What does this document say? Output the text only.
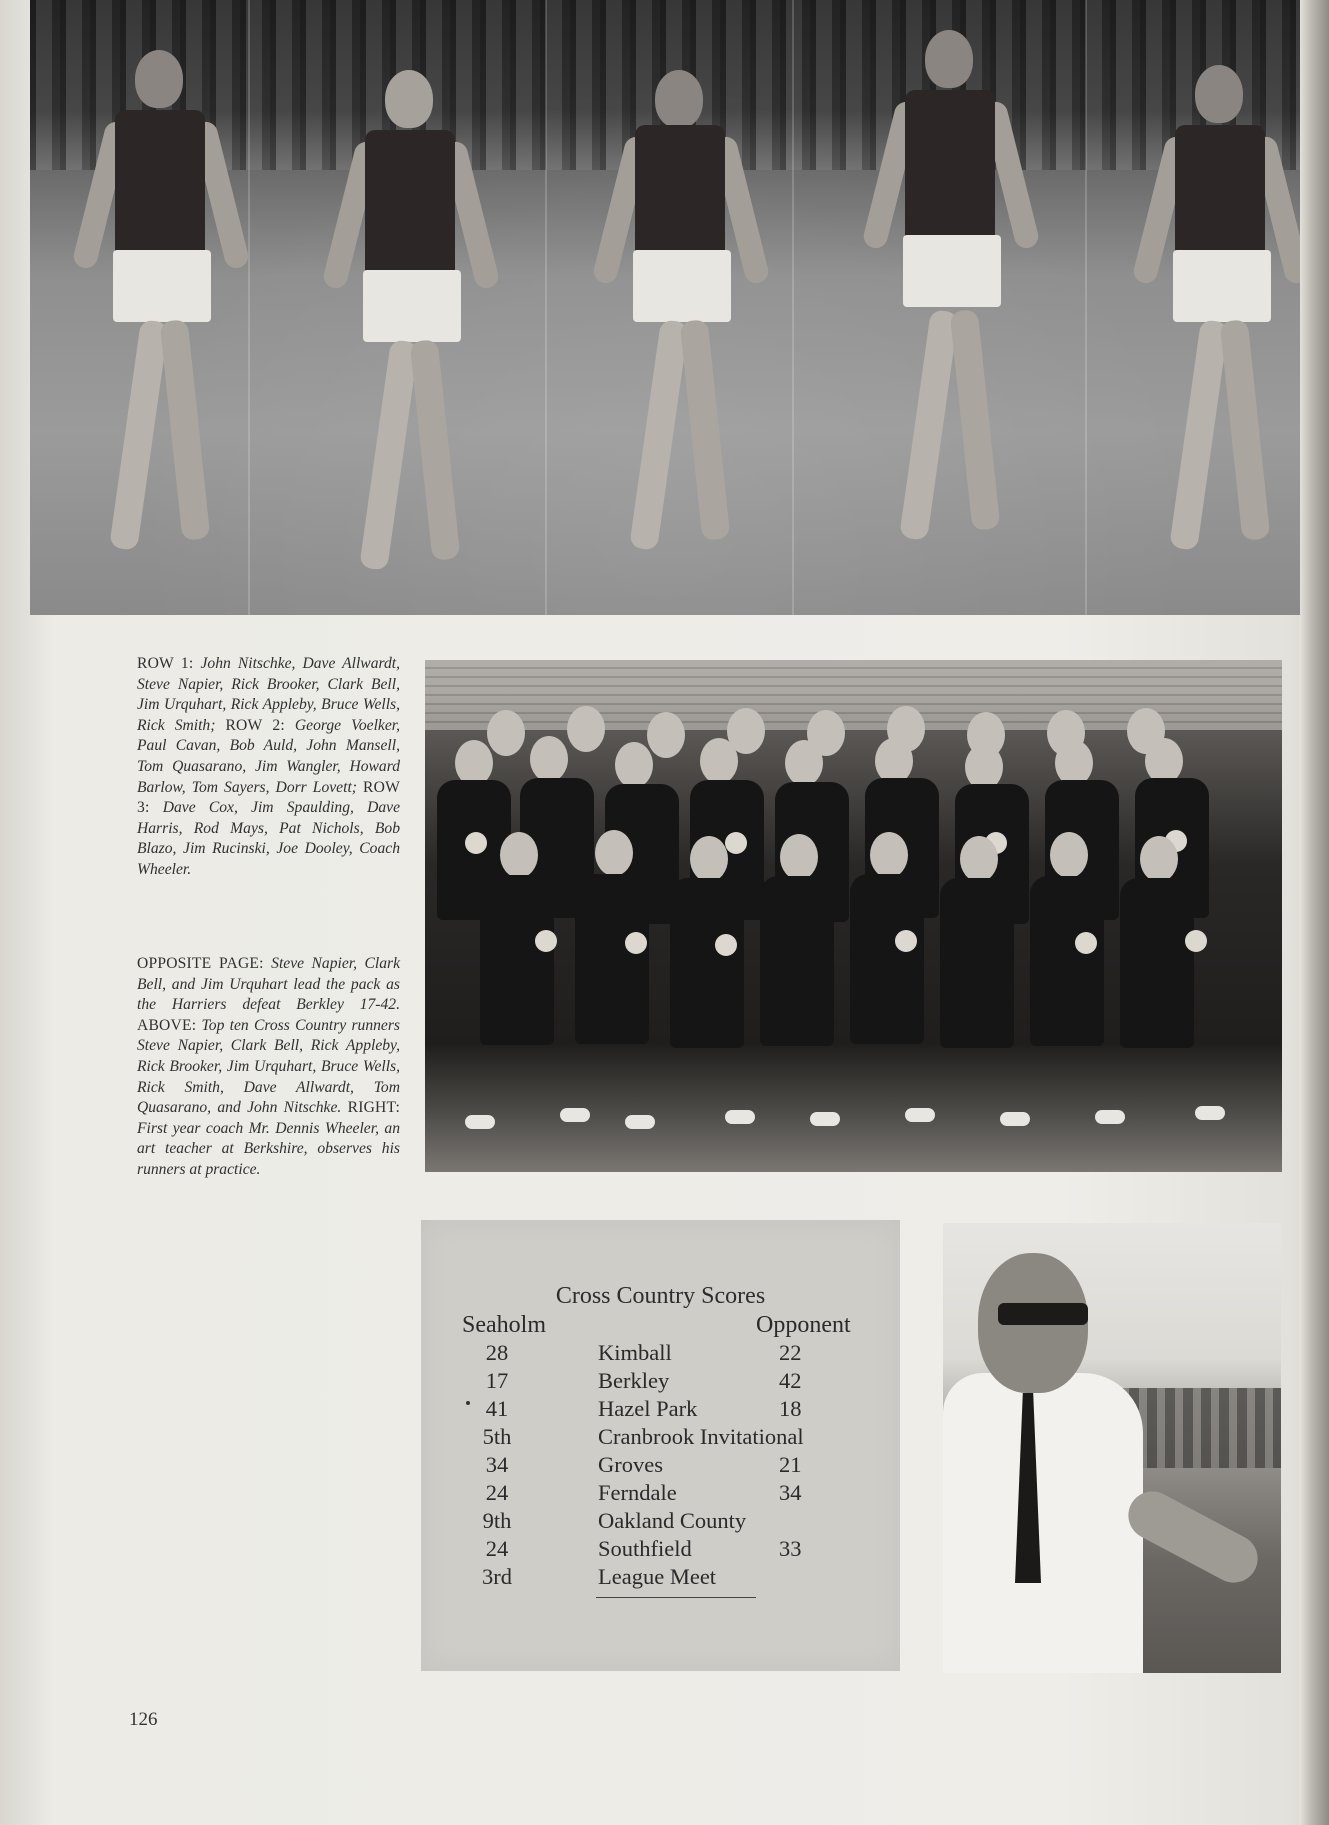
ROW 1: John Nitschke, Dave Allwardt, Steve Napier, Rick Brooker, Clark Bell, Jim Urquhart, Rick Appleby, Bruce Wells, Rick Smith; ROW 2: George Voelker, Paul Cavan, Bob Auld, John Mansell, Tom Quasarano, Jim Wangler, Howard Barlow, Tom Sayers, Dorr Lovett; ROW 3: Dave Cox, Jim Spaulding, Dave Harris, Rod Mays, Pat Nichols, Bob Blazo, Jim Rucinski, Joe Dooley, Coach Wheeler.
OPPOSITE PAGE: Steve Napier, Clark Bell, and Jim Urquhart lead the pack as the Harriers defeat Berkley 17-42. ABOVE: Top ten Cross Country runners Steve Napier, Clark Bell, Rick Appleby, Rick Brooker, Jim Urquhart, Bruce Wells, Rick Smith, Dave Allwardt, Tom Quasarano, and John Nitschke. RIGHT: First year coach Mr. Dennis Wheeler, an art teacher at Berkshire, observes his runners at practice.
Cross Country Scores
Seaholm	Opponent
28	Kimball	22
17	Berkley	42
41	Hazel Park	18
5th	Cranbrook Invitational
34	Groves	21
24	Ferndale	34
9th	Oakland County
24	Southfield	33
3rd	League Meet
126
